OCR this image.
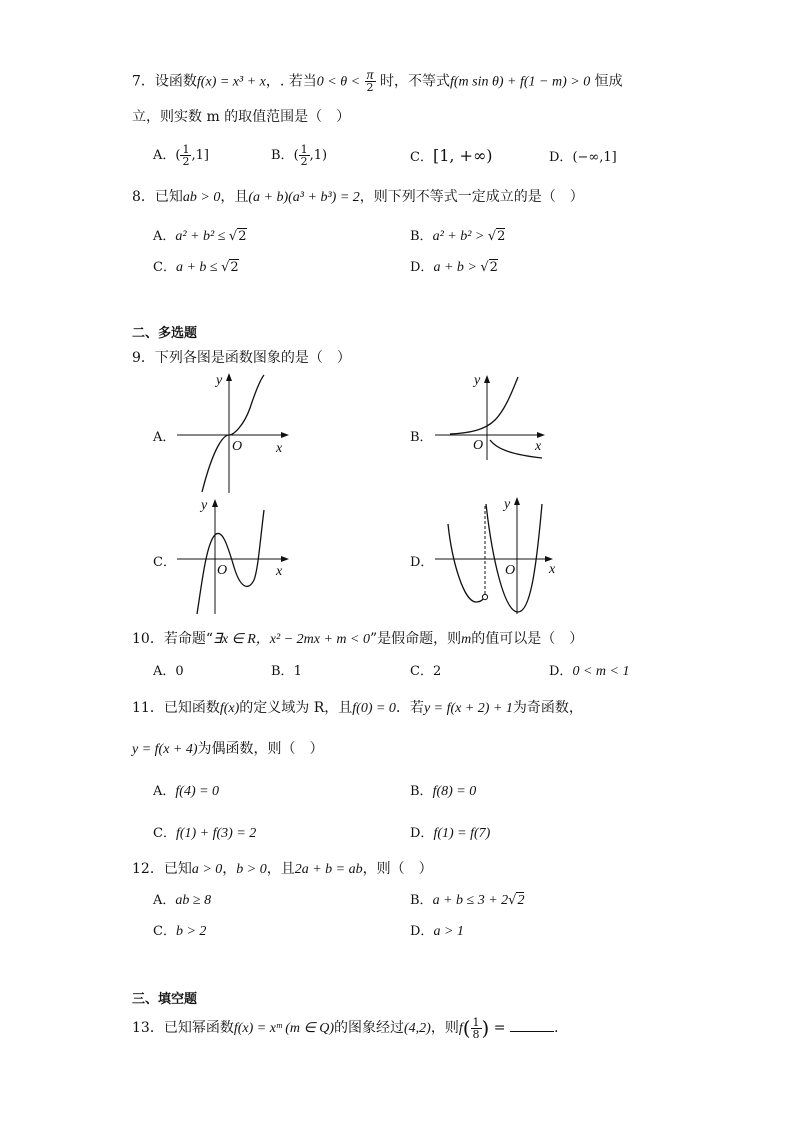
7．设函数f(x) = x³ + x，. 若当$0 < \theta < \frac{\pi}{2}$ 时，不等式f(m sin θ) + f(1 − m) > 0 恒成
立，则实数 m 的取值范围是（　）
A．( $\frac{1}{2} ,1$]	B．( $\frac{1}{2} ,1$)	C．[1, +∞)	D．(−∞,1]
8．已知ab > 0，且(a + b)(a³ + b³) = 2，则下列不等式一定成立的是（　）
A．a² + b² ≤ √2	B．a² + b² > √2
C．a + b ≤ √2	D．a + b > √2
二、多选题
9．下列各图是函数图象的是（　）
A．
y
x
O
B．
y
x
O
C．
y
x
O
D．
y
x
O
10．若命题“∃x ∈ R，x² − 2mx + m < 0”是假命题，则m的值可以是（　）
A．0	B．1	C．2	D．0 < m < 1
11．已知函数f(x)的定义域为 R，且f(0) = 0．若y = f(x + 2) + 1为奇函数，
y = f(x + 4)为偶函数，则（　）
A．f(4) = 0	B．f(8) = 0
C．f(1) + f(3) = 2	D．f(1) = f(7)
12．已知a > 0，b > 0，且2a + b = ab，则（　）
A．ab ≥ 8	B．a + b ≤ 3 + 2√2
C．b > 2	D．a > 1
三、填空题
13．已知幂函数f(x) = xᵐ (m ∈ Q)的图象经过(4,2)，则$f( \frac{1}{8}$ ) =	.
